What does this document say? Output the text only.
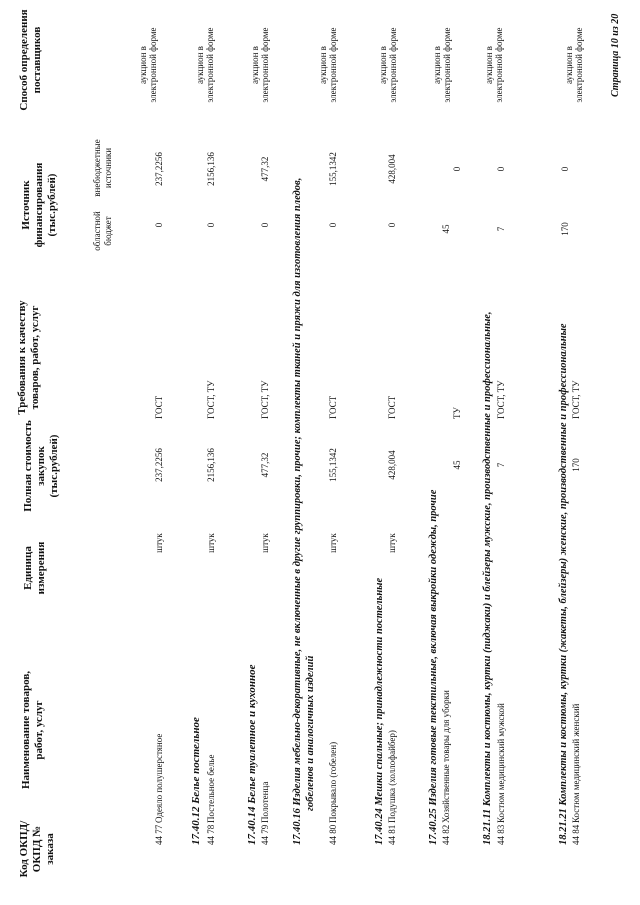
Код ОКПД/ ОКПД № заказа
Наименование товаров, работ, услуг
Единица измерения
Полная стоимость закупок (тыс.рублей)
Требования к качеству товаров, работ, услуг
Источник финансирования (тыс.рублей)	областной бюджет
внебюджетные источники
Способ определения поставщиков
44 77
Одеяло полушерстяное
штук
237,2256
ГОСТ
0
237,2256
аукцион в электронной форме
17.40.12 Белье постельное 44 78
Постельное белье
штук
2156,136
ГОСТ, ТУ
0
2156,136
аукцион в электронной форме
17.40.14 Белье туалетное и кухонное 44 79
Полотенца
штук
477,32
ГОСТ, ТУ
0
477,32
аукцион в электронной форме
17.40.16 Изделия мебельно-декоративные, не включенные в другие группировки, прочие; комплекты тканей и пряжи для изготовления пледов, гобеленов и аналогичных изделий
44 80
Покрывало (гобелен)
штук
155,1342
ГОСТ
0
155,1342
аукцион в электронной форме
17.40.24 Мешки спальные; принадлежности постельные 44 81
Подушка (холлофайбер)
штук
428,004
ГОСТ
0
428,004
аукцион в электронной форме
17.40.25 Изделия готовые текстильные, включая выкройки одежды, прочие 44 82
Хозяйственные товары для уборки
45
ТУ
45
0
аукцион в электронной форме
18.21.11 Комплекты и костюмы, куртки (пиджаки) и блейзеры мужские, производственные и профессиональные, 44 83
Костюм медицинский мужской
7
ГОСТ, ТУ
7
0
аукцион в электронной форме
18.21.21 Комплекты и костюмы, куртки (жакеты, блейзеры) женские, производственные и профессиональные 44 84
Костюм медицинский женский
170
ГОСТ, ТУ
170
0
аукцион в электронной форме	Страница 10 из 20
